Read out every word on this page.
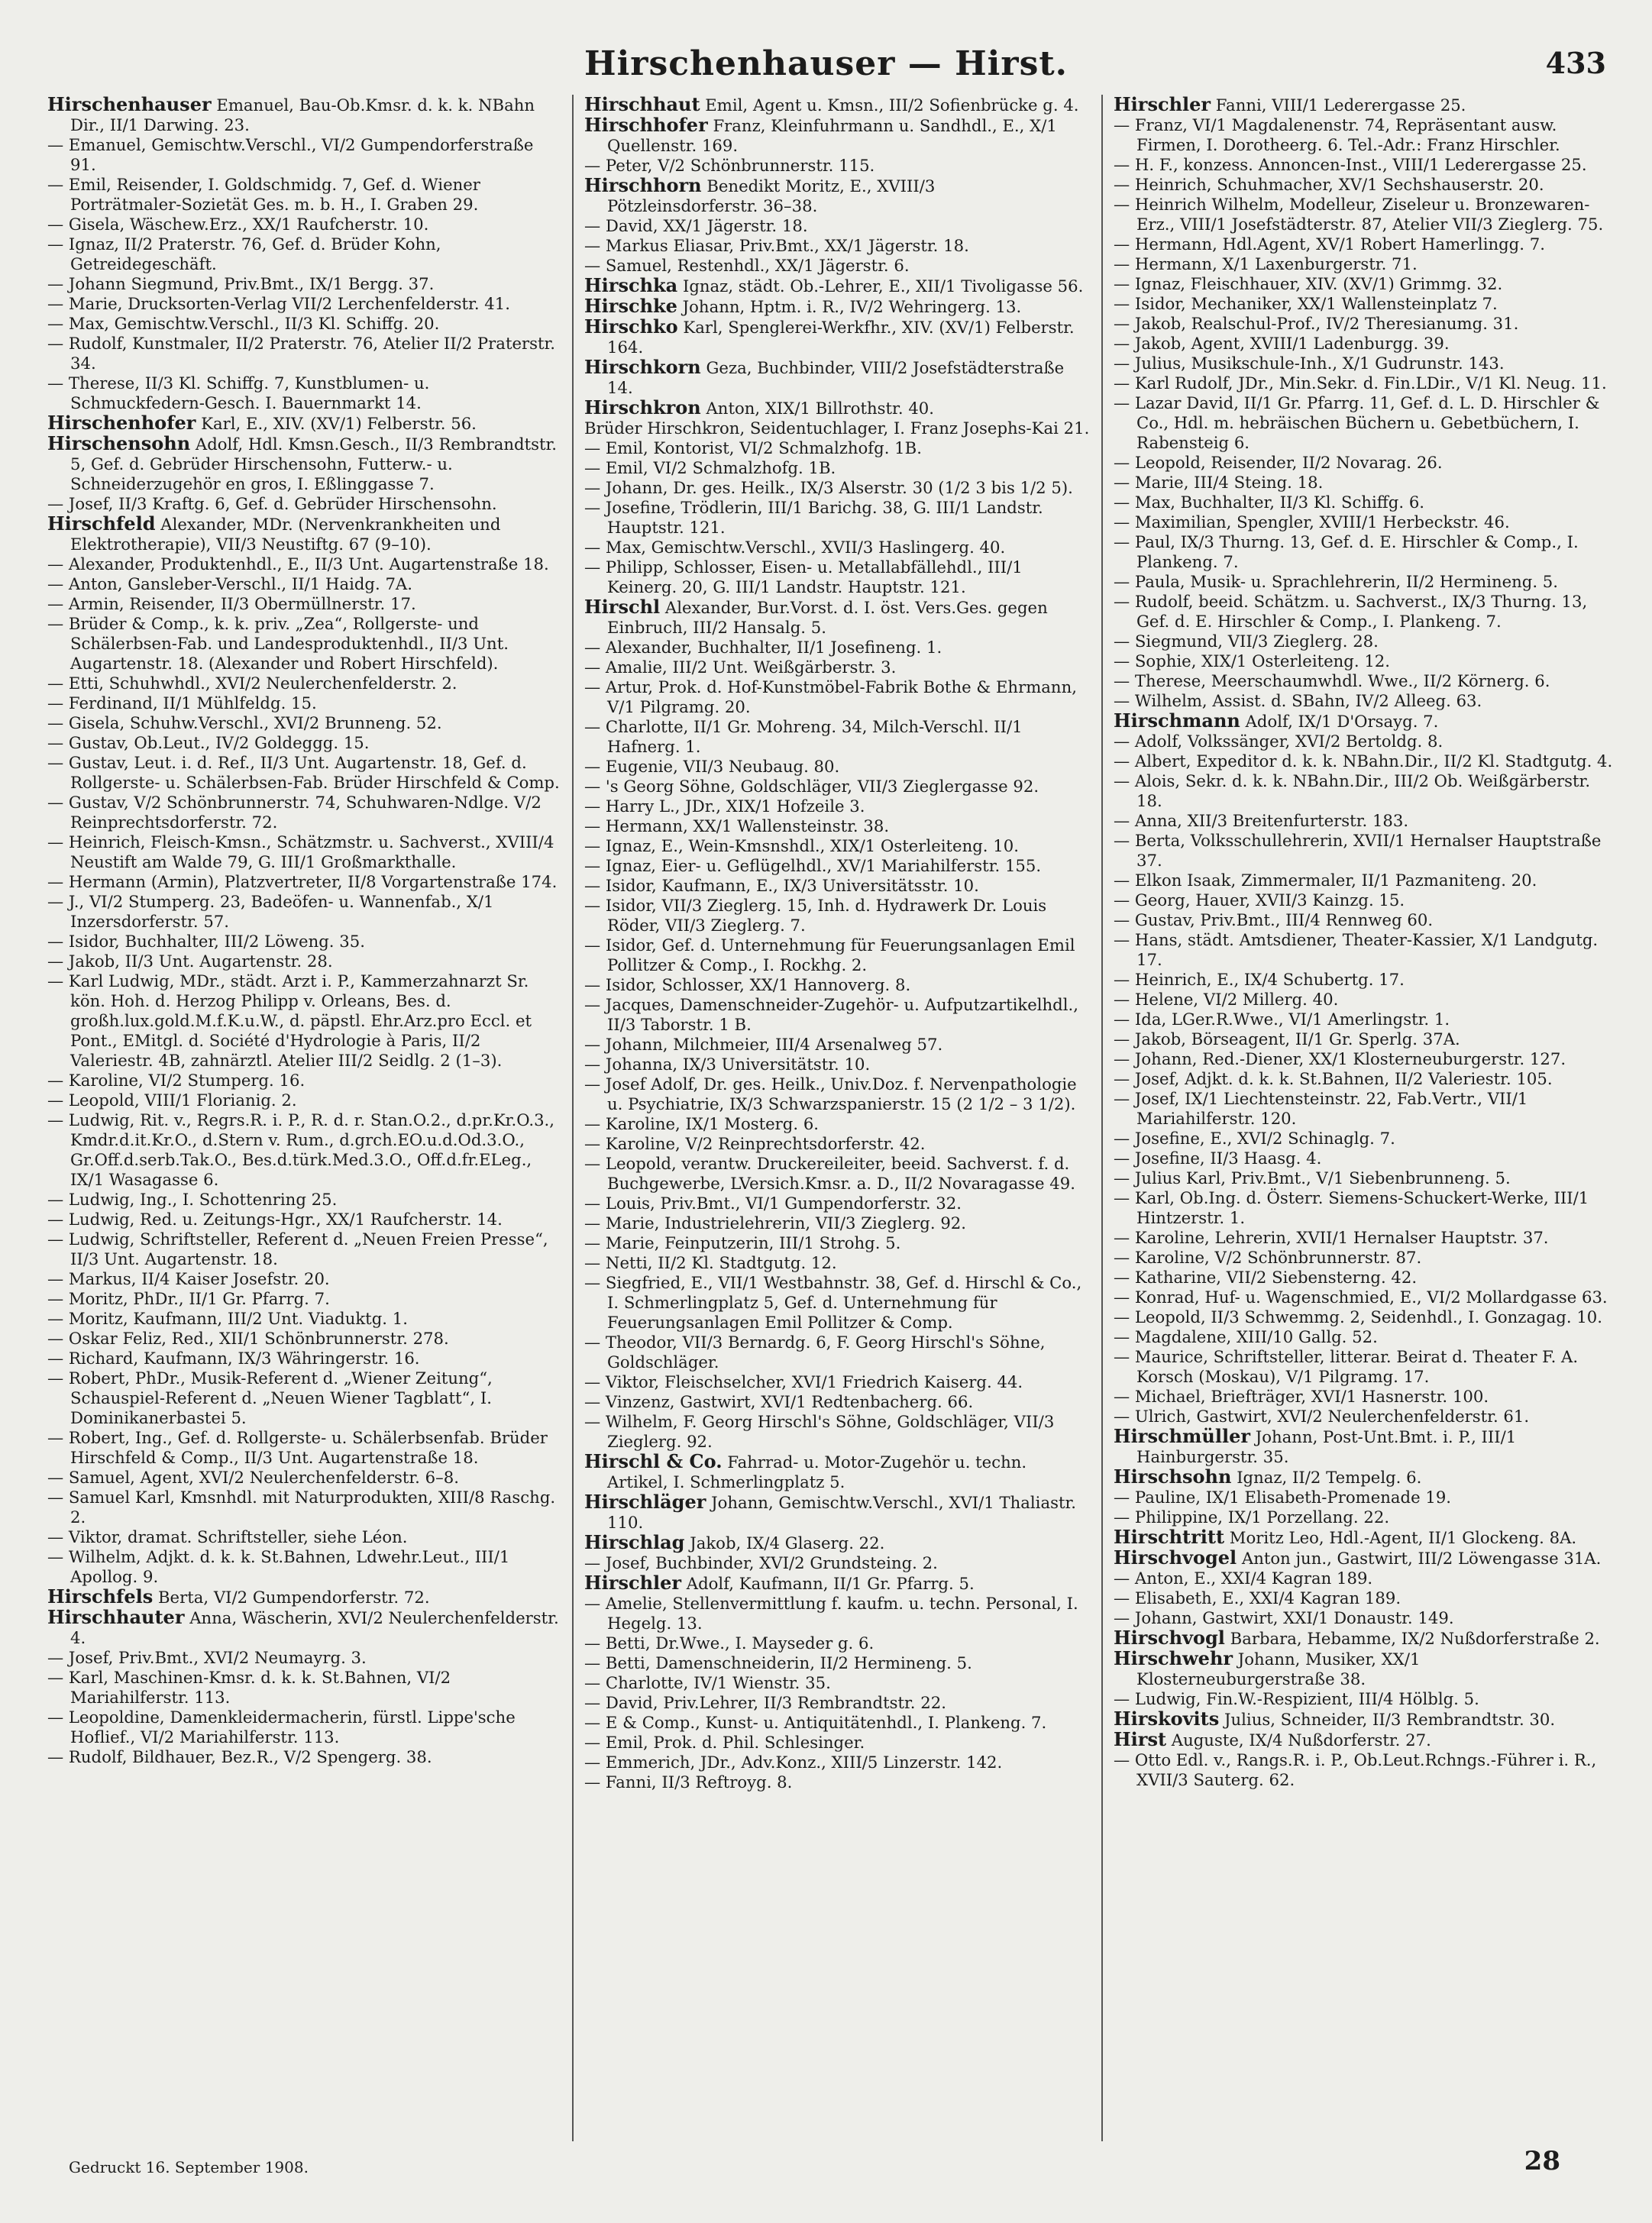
Hirschenhauser — Hirst.	433

Hirschenhauser Emanuel, Bau-Ob.Kmsr. d. k. k. NBahn Dir., II/1 Darwing. 23.

— Emanuel, Gemischtw.Verschl., VI/2 Gumpendorferstraße 91.

— Emil, Reisender, I. Goldschmidg. 7, Gef. d. Wiener Porträtmaler-Sozietät Ges. m. b. H., I. Graben 29.

— Gisela, Wäschew.Erz., XX/1 Raufcherstr. 10.

— Ignaz, II/2 Praterstr. 76, Gef. d. Brüder Kohn, Getreidegeschäft.

— Johann Siegmund, Priv.Bmt., IX/1 Bergg. 37.

— Marie, Drucksorten-Verlag VII/2 Lerchenfelderstr. 41.

— Max, Gemischtw.Verschl., II/3 Kl. Schiffg. 20.

— Rudolf, Kunstmaler, II/2 Praterstr. 76, Atelier II/2 Praterstr. 34.

— Therese, II/3 Kl. Schiffg. 7, Kunstblumen- u. Schmuckfedern-Gesch. I. Bauernmarkt 14.

Hirschenhofer Karl, E., XIV. (XV/1) Felberstr. 56.

Hirschensohn Adolf, Hdl. Kmsn.Gesch., II/3 Rembrandtstr. 5, Gef. d. Gebrüder Hirschensohn, Futterw.- u. Schneiderzugehör en gros, I. Eßlinggasse 7.

— Josef, II/3 Kraftg. 6, Gef. d. Gebrüder Hirschensohn.

Hirschfeld Alexander, MDr. (Nervenkrankheiten und Elektrotherapie), VII/3 Neustiftg. 67 (9–10).

— Alexander, Produktenhdl., E., II/3 Unt. Augartenstraße 18.

— Anton, Gansleber-Verschl., II/1 Haidg. 7A.

— Armin, Reisender, II/3 Obermüllnerstr. 17.

— Brüder & Comp., k. k. priv. „Zea“, Rollgerste- und Schälerbsen-Fab. und Landesproduktenhdl., II/3 Unt. Augartenstr. 18. (Alexander und Robert Hirschfeld).

— Etti, Schuhwhdl., XVI/2 Neulerchenfelderstr. 2.

— Ferdinand, II/1 Mühlfeldg. 15.

— Gisela, Schuhw.Verschl., XVI/2 Brunneng. 52.

— Gustav, Ob.Leut., IV/2 Goldeggg. 15.

— Gustav, Leut. i. d. Ref., II/3 Unt. Augartenstr. 18, Gef. d. Rollgerste- u. Schälerbsen-Fab. Brüder Hirschfeld & Comp.

— Gustav, V/2 Schönbrunnerstr. 74, Schuhwaren-Ndlge. V/2 Reinprechtsdorferstr. 72.

— Heinrich, Fleisch-Kmsn., Schätzmstr. u. Sachverst., XVIII/4 Neustift am Walde 79, G. III/1 Großmarkthalle.

— Hermann (Armin), Platzvertreter, II/8 Vorgartenstraße 174.

— J., VI/2 Stumperg. 23, Badeöfen- u. Wannenfab., X/1 Inzersdorferstr. 57.

— Isidor, Buchhalter, III/2 Löweng. 35.

— Jakob, II/3 Unt. Augartenstr. 28.

— Karl Ludwig, MDr., städt. Arzt i. P., Kammerzahnarzt Sr. kön. Hoh. d. Herzog Philipp v. Orleans, Bes. d. großh.lux.gold.M.f.K.u.W., d. päpstl. Ehr.Arz.pro Eccl. et Pont., EMitgl. d. Société d'Hydrologie à Paris, II/2 Valeriestr. 4B, zahnärztl. Atelier III/2 Seidlg. 2 (1–3).

— Karoline, VI/2 Stumperg. 16.

— Leopold, VIII/1 Florianig. 2.

— Ludwig, Rit. v., Regrs.R. i. P., R. d. r. Stan.O.2., d.pr.Kr.O.3., Kmdr.d.it.Kr.O., d.Stern v. Rum., d.grch.EO.u.d.Od.3.O., Gr.Off.d.serb.Tak.O., Bes.d.türk.Med.3.O., Off.d.fr.ELeg., IX/1 Wasagasse 6.

— Ludwig, Ing., I. Schottenring 25.

— Ludwig, Red. u. Zeitungs-Hgr., XX/1 Raufcherstr. 14.

— Ludwig, Schriftsteller, Referent d. „Neuen Freien Presse“, II/3 Unt. Augartenstr. 18.

— Markus, II/4 Kaiser Josefstr. 20.

— Moritz, PhDr., II/1 Gr. Pfarrg. 7.

— Moritz, Kaufmann, III/2 Unt. Viaduktg. 1.

— Oskar Feliz, Red., XII/1 Schönbrunnerstr. 278.

— Richard, Kaufmann, IX/3 Währingerstr. 16.

— Robert, PhDr., Musik-Referent d. „Wiener Zeitung“, Schauspiel-Referent d. „Neuen Wiener Tagblatt“, I. Dominikanerbastei 5.

— Robert, Ing., Gef. d. Rollgerste- u. Schälerbsenfab. Brüder Hirschfeld & Comp., II/3 Unt. Augartenstraße 18.

— Samuel, Agent, XVI/2 Neulerchenfelderstr. 6–8.

— Samuel Karl, Kmsnhdl. mit Naturprodukten, XIII/8 Raschg. 2.

— Viktor, dramat. Schriftsteller, siehe Léon.

— Wilhelm, Adjkt. d. k. k. St.Bahnen, Ldwehr.Leut., III/1 Apollog. 9.

Hirschfels Berta, VI/2 Gumpendorferstr. 72.

Hirschhauter Anna, Wäscherin, XVI/2 Neulerchenfelderstr. 4.

— Josef, Priv.Bmt., XVI/2 Neumayrg. 3.

— Karl, Maschinen-Kmsr. d. k. k. St.Bahnen, VI/2 Mariahilferstr. 113.

— Leopoldine, Damenkleidermacherin, fürstl. Lippe'sche Hoflief., VI/2 Mariahilferstr. 113.

— Rudolf, Bildhauer, Bez.R., V/2 Spengerg. 38.

Hirschhaut Emil, Agent u. Kmsn., III/2 Sofienbrücke g. 4.

Hirschhofer Franz, Kleinfuhrmann u. Sandhdl., E., X/1 Quellenstr. 169.

— Peter, V/2 Schönbrunnerstr. 115.

Hirschhorn Benedikt Moritz, E., XVIII/3 Pötzleinsdorferstr. 36–38.

— David, XX/1 Jägerstr. 18.

— Markus Eliasar, Priv.Bmt., XX/1 Jägerstr. 18.

— Samuel, Restenhdl., XX/1 Jägerstr. 6.

Hirschka Ignaz, städt. Ob.-Lehrer, E., XII/1 Tivoligasse 56.

Hirschke Johann, Hptm. i. R., IV/2 Wehringerg. 13.

Hirschko Karl, Spenglerei-Werkfhr., XIV. (XV/1) Felberstr. 164.

Hirschkorn Geza, Buchbinder, VIII/2 Josefstädterstraße 14.

Hirschkron Anton, XIX/1 Billrothstr. 40.

Brüder Hirschkron, Seidentuchlager, I. Franz Josephs-Kai 21.

— Emil, Kontorist, VI/2 Schmalzhofg. 1B.

— Emil, VI/2 Schmalzhofg. 1B.

— Johann, Dr. ges. Heilk., IX/3 Alserstr. 30 (1/2 3 bis 1/2 5).

— Josefine, Trödlerin, III/1 Barichg. 38, G. III/1 Landstr. Hauptstr. 121.

— Max, Gemischtw.Verschl., XVII/3 Haslingerg. 40.

— Philipp, Schlosser, Eisen- u. Metallabfällehdl., III/1 Keinerg. 20, G. III/1 Landstr. Hauptstr. 121.

Hirschl Alexander, Bur.Vorst. d. I. öst. Vers.Ges. gegen Einbruch, III/2 Hansalg. 5.

— Alexander, Buchhalter, II/1 Josefineng. 1.

— Amalie, III/2 Unt. Weißgärberstr. 3.

— Artur, Prok. d. Hof-Kunstmöbel-Fabrik Bothe & Ehrmann, V/1 Pilgramg. 20.

— Charlotte, II/1 Gr. Mohreng. 34, Milch-Verschl. II/1 Hafnerg. 1.

— Eugenie, VII/3 Neubaug. 80.

— 's Georg Söhne, Goldschläger, VII/3 Zieglergasse 92.

— Harry L., JDr., XIX/1 Hofzeile 3.

— Hermann, XX/1 Wallensteinstr. 38.

— Ignaz, E., Wein-Kmsnshdl., XIX/1 Osterleiteng. 10.

— Ignaz, Eier- u. Geflügelhdl., XV/1 Mariahilferstr. 155.

— Isidor, Kaufmann, E., IX/3 Universitätsstr. 10.

— Isidor, VII/3 Zieglerg. 15, Inh. d. Hydrawerk Dr. Louis Röder, VII/3 Zieglerg. 7.

— Isidor, Gef. d. Unternehmung für Feuerungsanlagen Emil Pollitzer & Comp., I. Rockhg. 2.

— Isidor, Schlosser, XX/1 Hannoverg. 8.

— Jacques, Damenschneider-Zugehör- u. Aufputzartikelhdl., II/3 Taborstr. 1 B.

— Johann, Milchmeier, III/4 Arsenalweg 57.

— Johanna, IX/3 Universitätstr. 10.

— Josef Adolf, Dr. ges. Heilk., Univ.Doz. f. Nervenpathologie u. Psychiatrie, IX/3 Schwarzspanierstr. 15 (2 1/2 – 3 1/2).

— Karoline, IX/1 Mosterg. 6.

— Karoline, V/2 Reinprechtsdorferstr. 42.

— Leopold, verantw. Druckereileiter, beeid. Sachverst. f. d. Buchgewerbe, LVersich.Kmsr. a. D., II/2 Novaragasse 49.

— Louis, Priv.Bmt., VI/1 Gumpendorferstr. 32.

— Marie, Industrielehrerin, VII/3 Zieglerg. 92.

— Marie, Feinputzerin, III/1 Strohg. 5.

— Netti, II/2 Kl. Stadtgutg. 12.

— Siegfried, E., VII/1 Westbahnstr. 38, Gef. d. Hirschl & Co., I. Schmerlingplatz 5, Gef. d. Unternehmung für Feuerungsanlagen Emil Pollitzer & Comp.

— Theodor, VII/3 Bernardg. 6, F. Georg Hirschl's Söhne, Goldschläger.

— Viktor, Fleischselcher, XVI/1 Friedrich Kaiserg. 44.

— Vinzenz, Gastwirt, XVI/1 Redtenbacherg. 66.

— Wilhelm, F. Georg Hirschl's Söhne, Goldschläger, VII/3 Zieglerg. 92.

Hirschl & Co. Fahrrad- u. Motor-Zugehör u. techn. Artikel, I. Schmerlingplatz 5.

Hirschläger Johann, Gemischtw.Verschl., XVI/1 Thaliastr. 110.

Hirschlag Jakob, IX/4 Glaserg. 22.

— Josef, Buchbinder, XVI/2 Grundsteing. 2.

Hirschler Adolf, Kaufmann, II/1 Gr. Pfarrg. 5.

— Amelie, Stellenvermittlung f. kaufm. u. techn. Personal, I. Hegelg. 13.

— Betti, Dr.Wwe., I. Mayseder g. 6.

— Betti, Damenschneiderin, II/2 Hermineng. 5.

— Charlotte, IV/1 Wienstr. 35.

— David, Priv.Lehrer, II/3 Rembrandtstr. 22.

— E & Comp., Kunst- u. Antiquitätenhdl., I. Plankeng. 7.

— Emil, Prok. d. Phil. Schlesinger.

— Emmerich, JDr., Adv.Konz., XIII/5 Linzerstr. 142.

— Fanni, II/3 Reftroyg. 8.

Hirschler Fanni, VIII/1 Lederergasse 25.

— Franz, VI/1 Magdalenenstr. 74, Repräsentant ausw. Firmen, I. Dorotheerg. 6. Tel.-Adr.: Franz Hirschler.

— H. F., konzess. Annoncen-Inst., VIII/1 Lederergasse 25.

— Heinrich, Schuhmacher, XV/1 Sechshauserstr. 20.

— Heinrich Wilhelm, Modelleur, Ziseleur u. Bronzewaren-Erz., VIII/1 Josefstädterstr. 87, Atelier VII/3 Zieglerg. 75.

— Hermann, Hdl.Agent, XV/1 Robert Hamerlingg. 7.

— Hermann, X/1 Laxenburgerstr. 71.

— Ignaz, Fleischhauer, XIV. (XV/1) Grimmg. 32.

— Isidor, Mechaniker, XX/1 Wallensteinplatz 7.

— Jakob, Realschul-Prof., IV/2 Theresianumg. 31.

— Jakob, Agent, XVIII/1 Ladenburgg. 39.

— Julius, Musikschule-Inh., X/1 Gudrunstr. 143.

— Karl Rudolf, JDr., Min.Sekr. d. Fin.LDir., V/1 Kl. Neug. 11.

— Lazar David, II/1 Gr. Pfarrg. 11, Gef. d. L. D. Hirschler & Co., Hdl. m. hebräischen Büchern u. Gebetbüchern, I. Rabensteig 6.

— Leopold, Reisender, II/2 Novarag. 26.

— Marie, III/4 Steing. 18.

— Max, Buchhalter, II/3 Kl. Schiffg. 6.

— Maximilian, Spengler, XVIII/1 Herbeckstr. 46.

— Paul, IX/3 Thurng. 13, Gef. d. E. Hirschler & Comp., I. Plankeng. 7.

— Paula, Musik- u. Sprachlehrerin, II/2 Hermineng. 5.

— Rudolf, beeid. Schätzm. u. Sachverst., IX/3 Thurng. 13, Gef. d. E. Hirschler & Comp., I. Plankeng. 7.

— Siegmund, VII/3 Zieglerg. 28.

— Sophie, XIX/1 Osterleiteng. 12.

— Therese, Meerschaumwhdl. Wwe., II/2 Körnerg. 6.

— Wilhelm, Assist. d. SBahn, IV/2 Alleeg. 63.

Hirschmann Adolf, IX/1 D'Orsayg. 7.

— Adolf, Volkssänger, XVI/2 Bertoldg. 8.

— Albert, Expeditor d. k. k. NBahn.Dir., II/2 Kl. Stadtgutg. 4.

— Alois, Sekr. d. k. k. NBahn.Dir., III/2 Ob. Weißgärberstr. 18.

— Anna, XII/3 Breitenfurterstr. 183.

— Berta, Volksschullehrerin, XVII/1 Hernalser Hauptstraße 37.

— Elkon Isaak, Zimmermaler, II/1 Pazmaniteng. 20.

— Georg, Hauer, XVII/3 Kainzg. 15.

— Gustav, Priv.Bmt., III/4 Rennweg 60.

— Hans, städt. Amtsdiener, Theater-Kassier, X/1 Landgutg. 17.

— Heinrich, E., IX/4 Schubertg. 17.

— Helene, VI/2 Millerg. 40.

— Ida, LGer.R.Wwe., VI/1 Amerlingstr. 1.

— Jakob, Börseagent, II/1 Gr. Sperlg. 37A.

— Johann, Red.-Diener, XX/1 Klosterneuburgerstr. 127.

— Josef, Adjkt. d. k. k. St.Bahnen, II/2 Valeriestr. 105.

— Josef, IX/1 Liechtensteinstr. 22, Fab.Vertr., VII/1 Mariahilferstr. 120.

— Josefine, E., XVI/2 Schinaglg. 7.

— Josefine, II/3 Haasg. 4.

— Julius Karl, Priv.Bmt., V/1 Siebenbrunneng. 5.

— Karl, Ob.Ing. d. Österr. Siemens-Schuckert-Werke, III/1 Hintzerstr. 1.

— Karoline, Lehrerin, XVII/1 Hernalser Hauptstr. 37.

— Karoline, V/2 Schönbrunnerstr. 87.

— Katharine, VII/2 Siebensterng. 42.

— Konrad, Huf- u. Wagenschmied, E., VI/2 Mollardgasse 63.

— Leopold, II/3 Schwemmg. 2, Seidenhdl., I. Gonzagag. 10.

— Magdalene, XIII/10 Gallg. 52.

— Maurice, Schriftsteller, litterar. Beirat d. Theater F. A. Korsch (Moskau), V/1 Pilgramg. 17.

— Michael, Briefträger, XVI/1 Hasnerstr. 100.

— Ulrich, Gastwirt, XVI/2 Neulerchenfelderstr. 61.

Hirschmüller Johann, Post-Unt.Bmt. i. P., III/1 Hainburgerstr. 35.

Hirschsohn Ignaz, II/2 Tempelg. 6.

— Pauline, IX/1 Elisabeth-Promenade 19.

— Philippine, IX/1 Porzellang. 22.

Hirschtritt Moritz Leo, Hdl.-Agent, II/1 Glockeng. 8A.

Hirschvogel Anton jun., Gastwirt, III/2 Löwengasse 31A.

— Anton, E., XXI/4 Kagran 189.

— Elisabeth, E., XXI/4 Kagran 189.

— Johann, Gastwirt, XXI/1 Donaustr. 149.

Hirschvogl Barbara, Hebamme, IX/2 Nußdorferstraße 2.

Hirschwehr Johann, Musiker, XX/1 Klosterneuburgerstraße 38.

— Ludwig, Fin.W.-Respizient, III/4 Hölblg. 5.

Hirskovits Julius, Schneider, II/3 Rembrandtstr. 30.

Hirst Auguste, IX/4 Nußdorferstr. 27.

— Otto Edl. v., Rangs.R. i. P., Ob.Leut.Rchngs.-Führer i. R., XVII/3 Sauterg. 62.

Gedruckt 16. September 1908.	28
